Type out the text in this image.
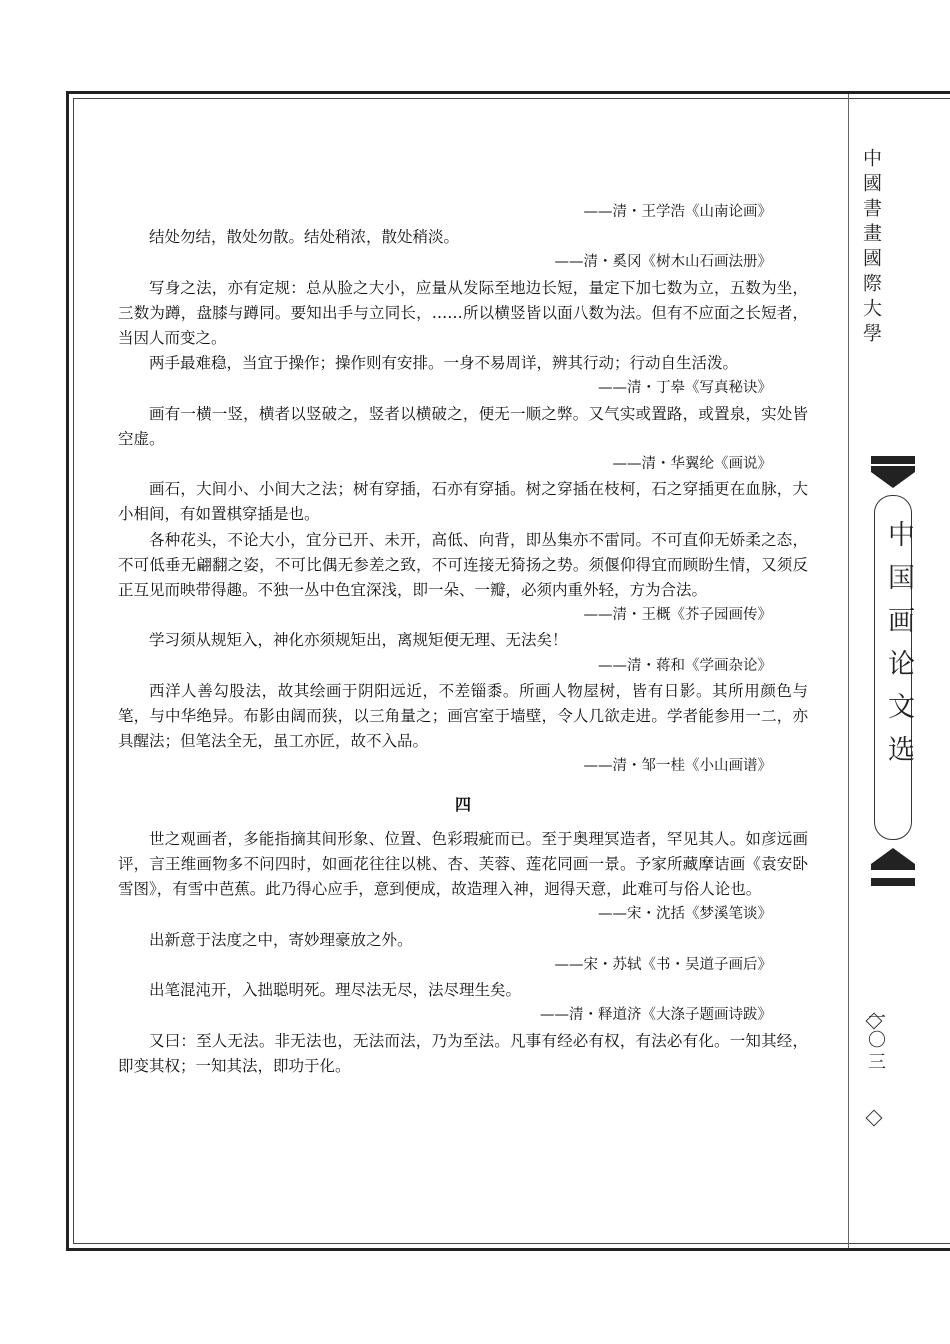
中國書畫國際大學
中国画论文选
一〇三

——清・王学浩《山南论画》

结处勿结，散处勿散。结处稍浓，散处稍淡。

——清・奚冈《树木山石画法册》

写身之法，亦有定规：总从脸之大小，应量从发际至地边长短，量定下加七数为立，五数为坐，三数为蹲，盘膝与蹲同。要知出手与立同长，……所以横竖皆以面八数为法。但有不应面之长短者，当因人而变之。

两手最难稳，当宜于操作；操作则有安排。一身不易周详，辨其行动；行动自生活泼。

——清・丁皋《写真秘诀》

画有一横一竖，横者以竖破之，竖者以横破之，便无一顺之弊。又气实或置路，或置泉，实处皆空虚。

——清・华翼纶《画说》

画石，大间小、小间大之法；树有穿插，石亦有穿插。树之穿插在枝柯，石之穿插更在血脉，大小相间，有如置棋穿插是也。

各种花头，不论大小，宜分已开、未开，高低、向背，即丛集亦不雷同。不可直仰无娇柔之态，不可低垂无翩翻之姿，不可比偶无参差之致，不可连接无猗扬之势。须偃仰得宜而顾盼生情，又须反正互见而映带得趣。不独一丛中色宜深浅，即一朵、一瓣，必须内重外轻，方为合法。

——清・王概《芥子园画传》

学习须从规矩入，神化亦须规矩出，离规矩便无理、无法矣！

——清・蒋和《学画杂论》

西洋人善勾股法，故其绘画于阴阳远近，不差锱黍。所画人物屋树，皆有日影。其所用颜色与笔，与中华绝异。布影由阔而狭，以三角量之；画宫室于墙壁，令人几欲走进。学者能参用一二，亦具醒法；但笔法全无，虽工亦匠，故不入品。

——清・邹一桂《小山画谱》

四

世之观画者，多能指摘其间形象、位置、色彩瑕疵而已。至于奥理冥造者，罕见其人。如彦远画评，言王维画物多不问四时，如画花往往以桃、杏、芙蓉、莲花同画一景。予家所藏摩诘画《袁安卧雪图》，有雪中芭蕉。此乃得心应手，意到便成，故造理入神，迥得天意，此难可与俗人论也。

——宋・沈括《梦溪笔谈》

出新意于法度之中，寄妙理豪放之外。

——宋・苏轼《书・吴道子画后》

出笔混沌开，入拙聪明死。理尽法无尽，法尽理生矣。

——清・释道济《大涤子题画诗跋》

又曰：至人无法。非无法也，无法而法，乃为至法。凡事有经必有权，有法必有化。一知其经，即变其权；一知其法，即功于化。
